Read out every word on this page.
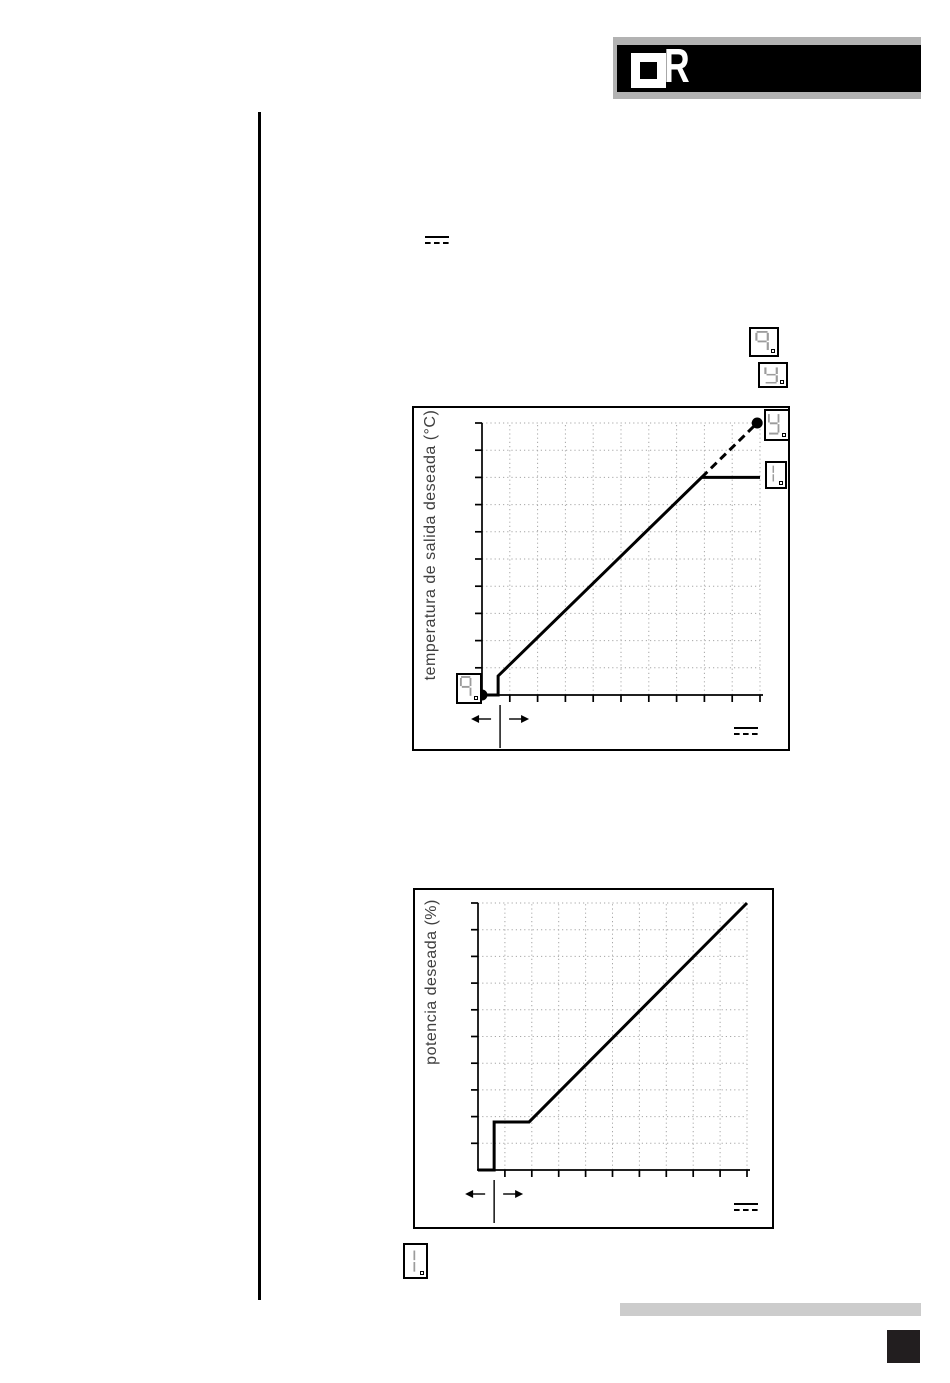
R
temperatura de salida deseada (°C)
potencia deseada (%)
